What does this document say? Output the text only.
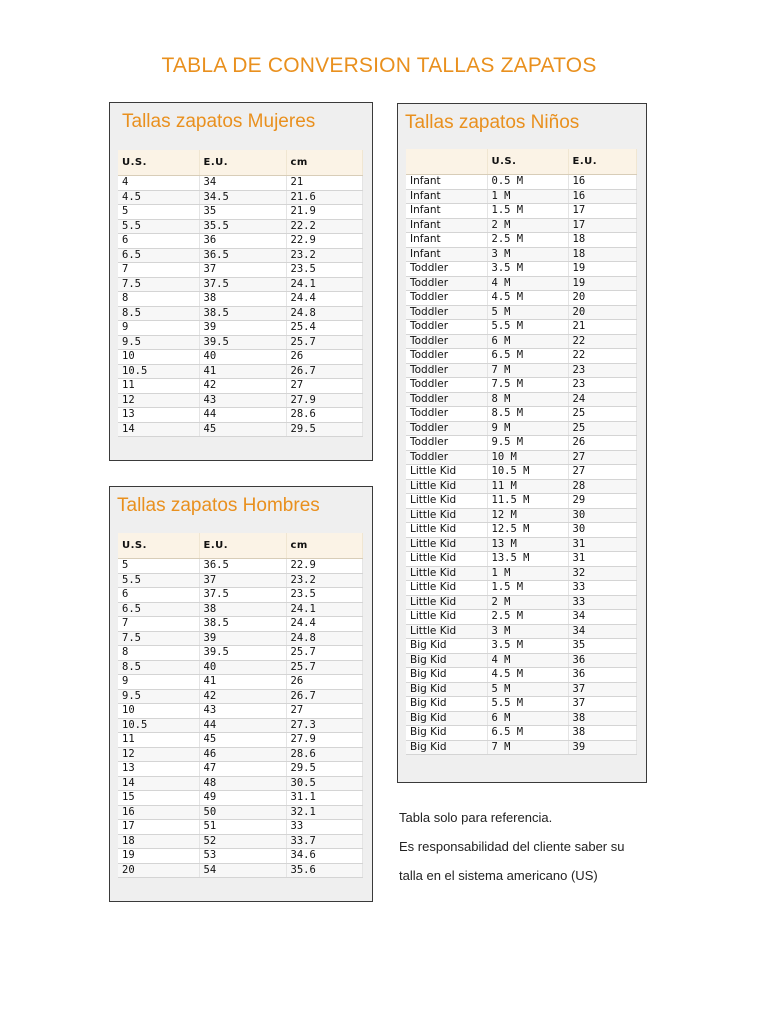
TABLA DE CONVERSION TALLAS ZAPATOS
Tallas zapatos Mujeres
U.S.	E.U.	cm
4	34	21
4.5	34.5	21.6
5	35	21.9
5.5	35.5	22.2
6	36	22.9
6.5	36.5	23.2
7	37	23.5
7.5	37.5	24.1
8	38	24.4
8.5	38.5	24.8
9	39	25.4
9.5	39.5	25.7
10	40	26
10.5	41	26.7
11	42	27
12	43	27.9
13	44	28.6
14	45	29.5
Tallas zapatos Hombres
U.S.	E.U.	cm
5	36.5	22.9
5.5	37	23.2
6	37.5	23.5
6.5	38	24.1
7	38.5	24.4
7.5	39	24.8
8	39.5	25.7
8.5	40	25.7
9	41	26
9.5	42	26.7
10	43	27
10.5	44	27.3
11	45	27.9
12	46	28.6
13	47	29.5
14	48	30.5
15	49	31.1
16	50	32.1
17	51	33
18	52	33.7
19	53	34.6
20	54	35.6
Tallas zapatos Niños
	U.S.	E.U.
Infant	0.5 M	16
Infant	1 M	16
Infant	1.5 M	17
Infant	2 M	17
Infant	2.5 M	18
Infant	3 M	18
Toddler	3.5 M	19
Toddler	4 M	19
Toddler	4.5 M	20
Toddler	5 M	20
Toddler	5.5 M	21
Toddler	6 M	22
Toddler	6.5 M	22
Toddler	7 M	23
Toddler	7.5 M	23
Toddler	8 M	24
Toddler	8.5 M	25
Toddler	9 M	25
Toddler	9.5 M	26
Toddler	10 M	27
Little Kid	10.5 M	27
Little Kid	11 M	28
Little Kid	11.5 M	29
Little Kid	12 M	30
Little Kid	12.5 M	30
Little Kid	13 M	31
Little Kid	13.5 M	31
Little Kid	1 M	32
Little Kid	1.5 M	33
Little Kid	2 M	33
Little Kid	2.5 M	34
Little Kid	3 M	34
Big Kid	3.5 M	35
Big Kid	4 M	36
Big Kid	4.5 M	36
Big Kid	5 M	37
Big Kid	5.5 M	37
Big Kid	6 M	38
Big Kid	6.5 M	38
Big Kid	7 M	39
Tabla solo para referencia.
Es responsabilidad del cliente saber su
talla en el sistema americano (US)
